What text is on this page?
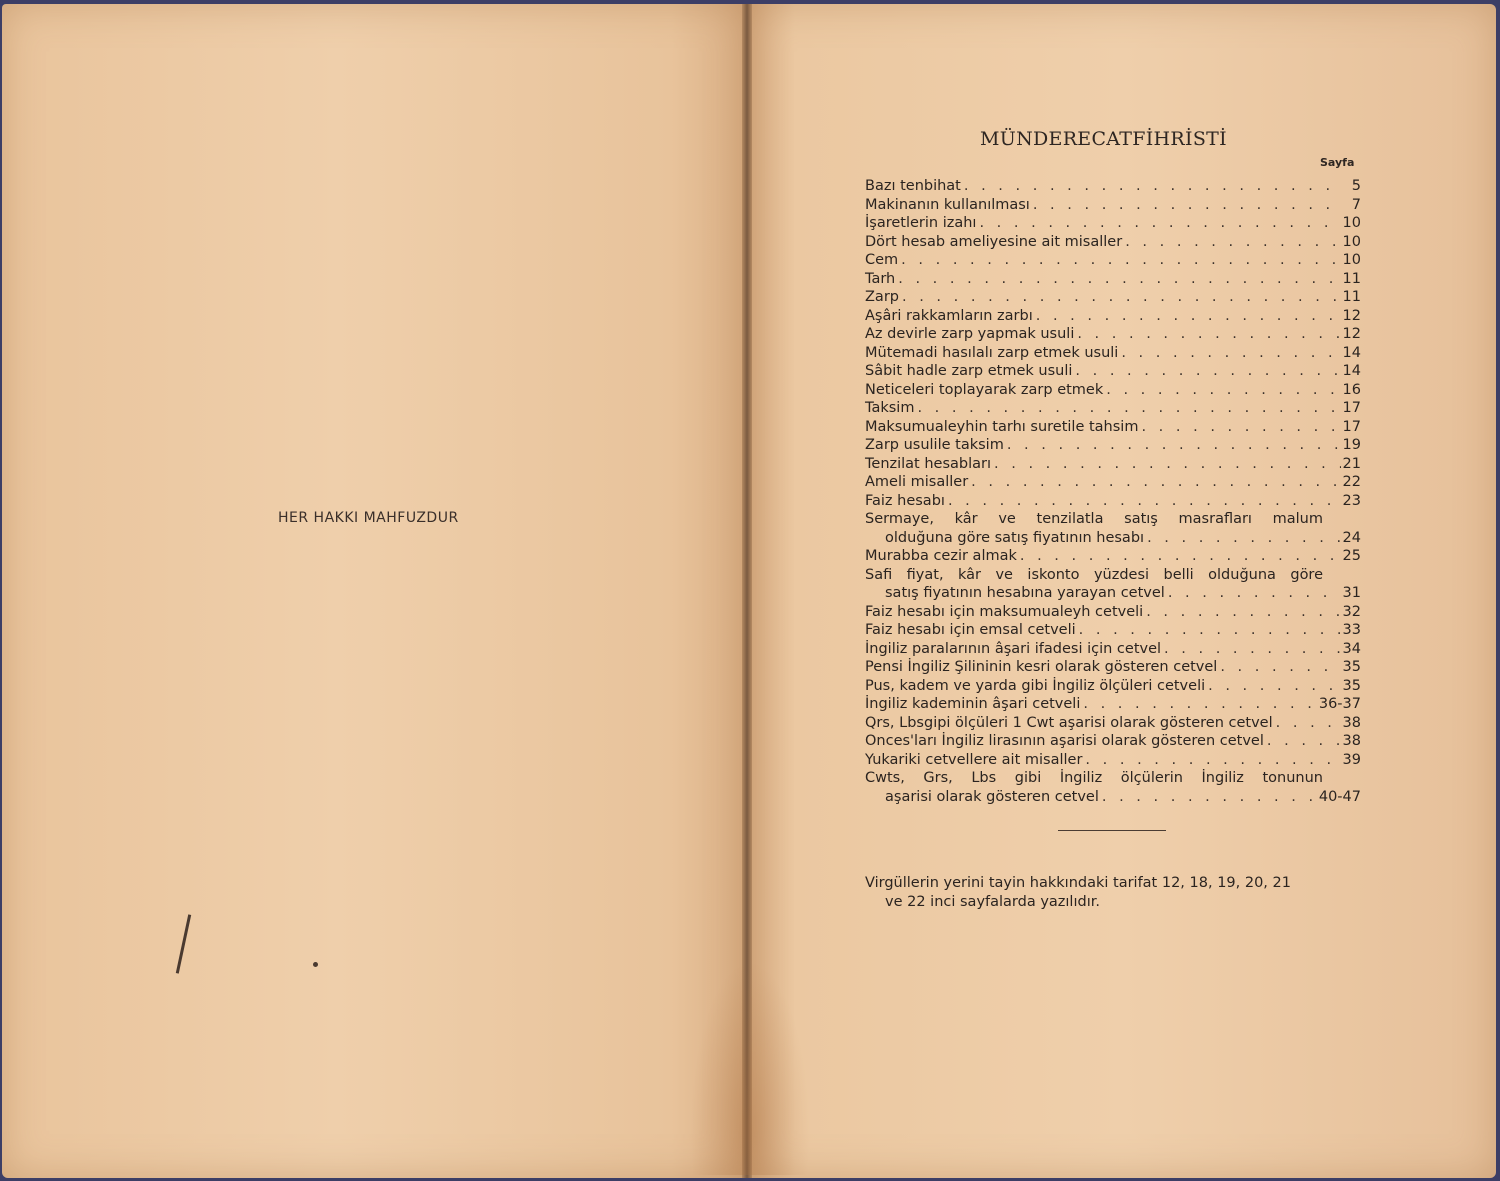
HER HAKKI MAHFUZDUR
MÜNDERECATFİHRİSTİ
Sayfa
Bazı tenbihat . . .	5
Makinanın kullanılması . . .	7
İşaretlerin izahı . . .	10
Dört hesab ameliyesine ait misaller . . .	10
Cem . . .	10
Tarh . . .	11
Zarp . . .	11
Aşâri rakkamların zarbı . . .	12
Az devirle zarp yapmak usuli . . .	12
Mütemadi hasılalı zarp etmek usuli . . .	14
Sâbit hadle zarp etmek usuli . . .	14
Neticeleri toplayarak zarp etmek . . .	16
Taksim . . .	17
Maksumualeyhin tarhı suretile tahsim . . .	17
Zarp usulile taksim . . .	19
Tenzilat hesabları . . .	21
Ameli misaller . . .	22
Faiz hesabı . . .	23
Sermaye, kâr ve tenzilatla satış masrafları malum
olduğuna göre satış fiyatının hesabı . . .	24
Murabba cezir almak . . .	25
Safi fiyat, kâr ve iskonto yüzdesi belli olduğuna göre
satış fiyatının hesabına yarayan cetvel . . .	31
Faiz hesabı için maksumualeyh cetveli . . .	32
Faiz hesabı için emsal cetveli . . .	33
İngiliz paralarının âşari ifadesi için cetvel . . .	34
Pensi İngiliz Şilininin kesri olarak gösteren cetvel . . .	35
Pus, kadem ve yarda gibi İngiliz ölçüleri cetveli . . .	35
İngiliz kademinin âşari cetveli . . .	36-37
Qrs, Lbsgipi ölçüleri 1 Cwt aşarisi olarak gösteren cetvel . . .	38
Onces'ları İngiliz lirasının aşarisi olarak gösteren cetvel . . .	38
Yukariki cetvellere ait misaller . . .	39
Cwts, Grs, Lbs gibi İngiliz ölçülerin İngiliz tonunun
aşarisi olarak gösteren cetvel . . .	40-47
Virgüllerin yerini tayin hakkındaki tarifat 12, 18, 19, 20, 21
ve 22 inci sayfalarda yazılıdır.
